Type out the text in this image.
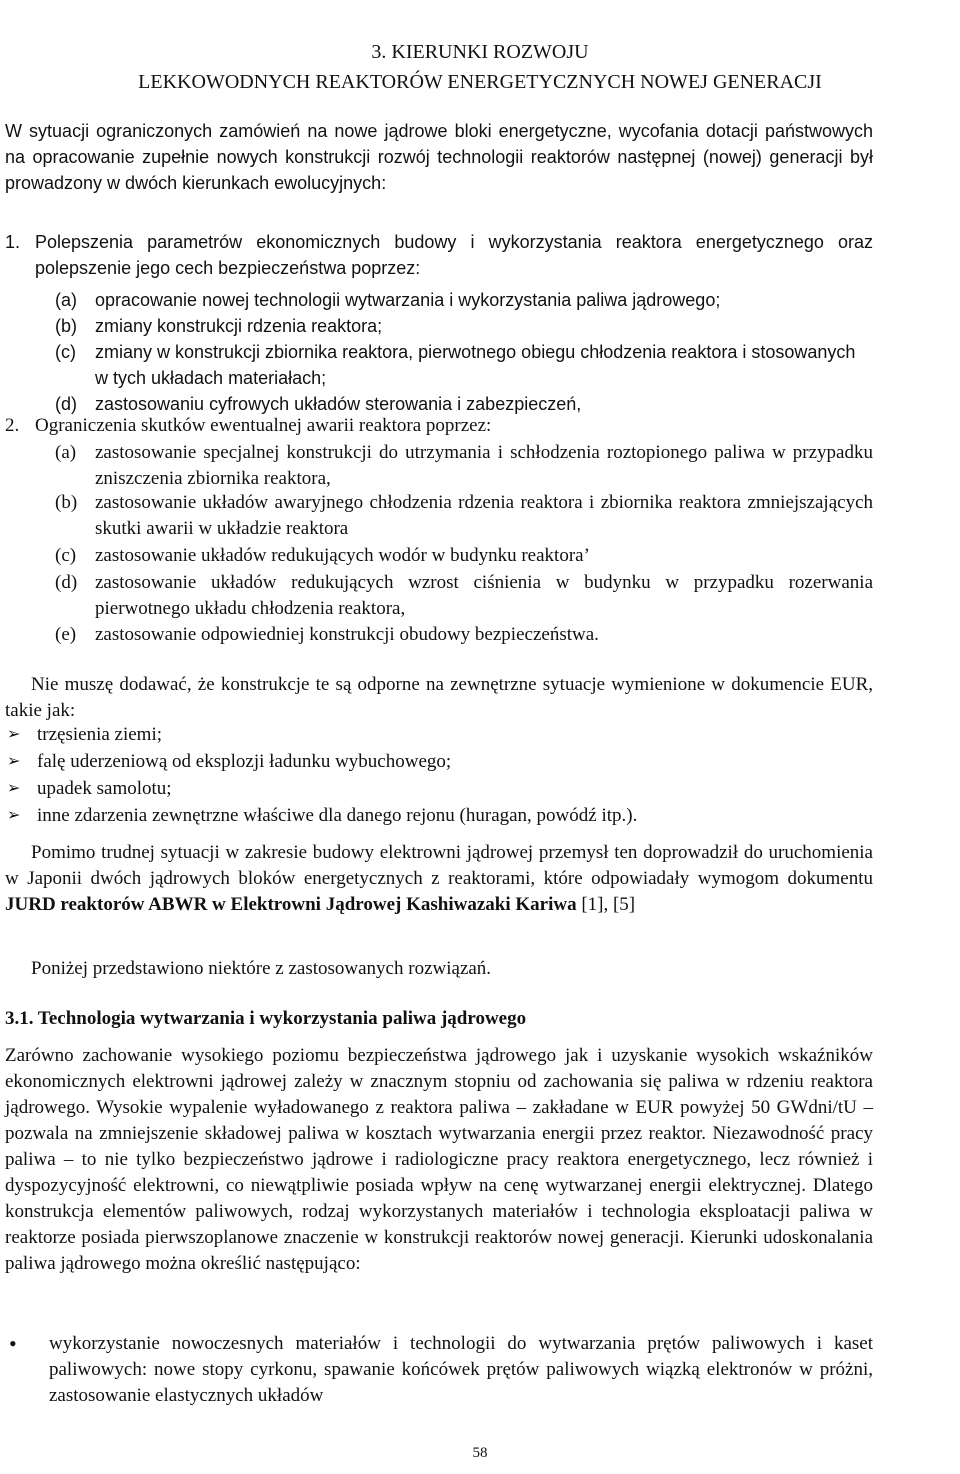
3. KIERUNKI ROZWOJU
LEKKOWODNYCH REAKTORÓW ENERGETYCZNYCH NOWEJ GENERACJI
W sytuacji ograniczonych zamówień na nowe jądrowe bloki energetyczne, wycofania dotacji państwowych na opracowanie zupełnie nowych konstrukcji rozwój technologii reaktorów następnej (nowej) generacji był prowadzony w dwóch kierunkach ewolucyjnych:
1. Polepszenia parametrów ekonomicznych budowy i wykorzystania reaktora energetycznego oraz polepszenie jego cech bezpieczeństwa poprzez:
(a) opracowanie nowej technologii wytwarzania i wykorzystania paliwa jądrowego;
(b) zmiany konstrukcji rdzenia reaktora;
(c) zmiany w konstrukcji zbiornika reaktora, pierwotnego obiegu chłodzenia reaktora i stosowanych w tych układach materiałach;
(d) zastosowaniu cyfrowych układów sterowania i zabezpieczeń,
2. Ograniczenia skutków ewentualnej awarii reaktora poprzez:
(a) zastosowanie specjalnej konstrukcji do utrzymania i schłodzenia roztopionego paliwa w przypadku zniszczenia zbiornika reaktora,
(b) zastosowanie układów awaryjnego chłodzenia rdzenia reaktora i zbiornika reaktora zmniejszających skutki awarii w układzie reaktora
(c) zastosowanie układów redukujących wodór w budynku reaktora’
(d) zastosowanie układów redukujących wzrost ciśnienia w budynku w przypadku rozerwania pierwotnego układu chłodzenia reaktora,
(e) zastosowanie odpowiedniej konstrukcji obudowy bezpieczeństwa.
Nie muszę dodawać, że konstrukcje te są odporne na zewnętrzne sytuacje wymienione w dokumencie EUR, takie jak:
➢ trzęsienia ziemi;
➢ falę uderzeniową od eksplozji ładunku wybuchowego;
➢ upadek samolotu;
➢ inne zdarzenia zewnętrzne właściwe dla danego rejonu (huragan, powódź itp.).
Pomimo trudnej sytuacji w zakresie budowy elektrowni jądrowej przemysł ten doprowadził do uruchomienia w Japonii dwóch jądrowych bloków energetycznych z reaktorami, które odpowiadały wymogom dokumentu JURD reaktorów ABWR w Elektrowni Jądrowej Kashiwazaki Kariwa [1], [5]
Poniżej przedstawiono niektóre z zastosowanych rozwiązań.
3.1. Technologia wytwarzania i wykorzystania paliwa jądrowego
Zarówno zachowanie wysokiego poziomu bezpieczeństwa jądrowego jak i uzyskanie wysokich wskaźników ekonomicznych elektrowni jądrowej zależy w znacznym stopniu od zachowania się paliwa w rdzeniu reaktora jądrowego. Wysokie wypalenie wyładowanego z reaktora paliwa – zakładane w EUR powyżej 50 GWdni/tU – pozwala na zmniejszenie składowej paliwa w kosztach wytwarzania energii przez reaktor. Niezawodność pracy paliwa – to nie tylko bezpieczeństwo jądrowe i radiologiczne pracy reaktora energetycznego, lecz również i dyspozycyjność elektrowni, co niewątpliwie posiada wpływ na cenę wytwarzanej energii elektrycznej. Dlatego konstrukcja elementów paliwowych, rodzaj wykorzystanych materiałów i technologia eksploatacji paliwa w reaktorze posiada pierwszoplanowe znaczenie w konstrukcji reaktorów nowej generacji. Kierunki udoskonalania paliwa jądrowego można określić następująco:
• wykorzystanie nowoczesnych materiałów i technologii do wytwarzania prętów paliwowych i kaset paliwowych: nowe stopy cyrkonu, spawanie końcówek prętów paliwowych wiązką elektronów w próżni, zastosowanie elastycznych układów
58
